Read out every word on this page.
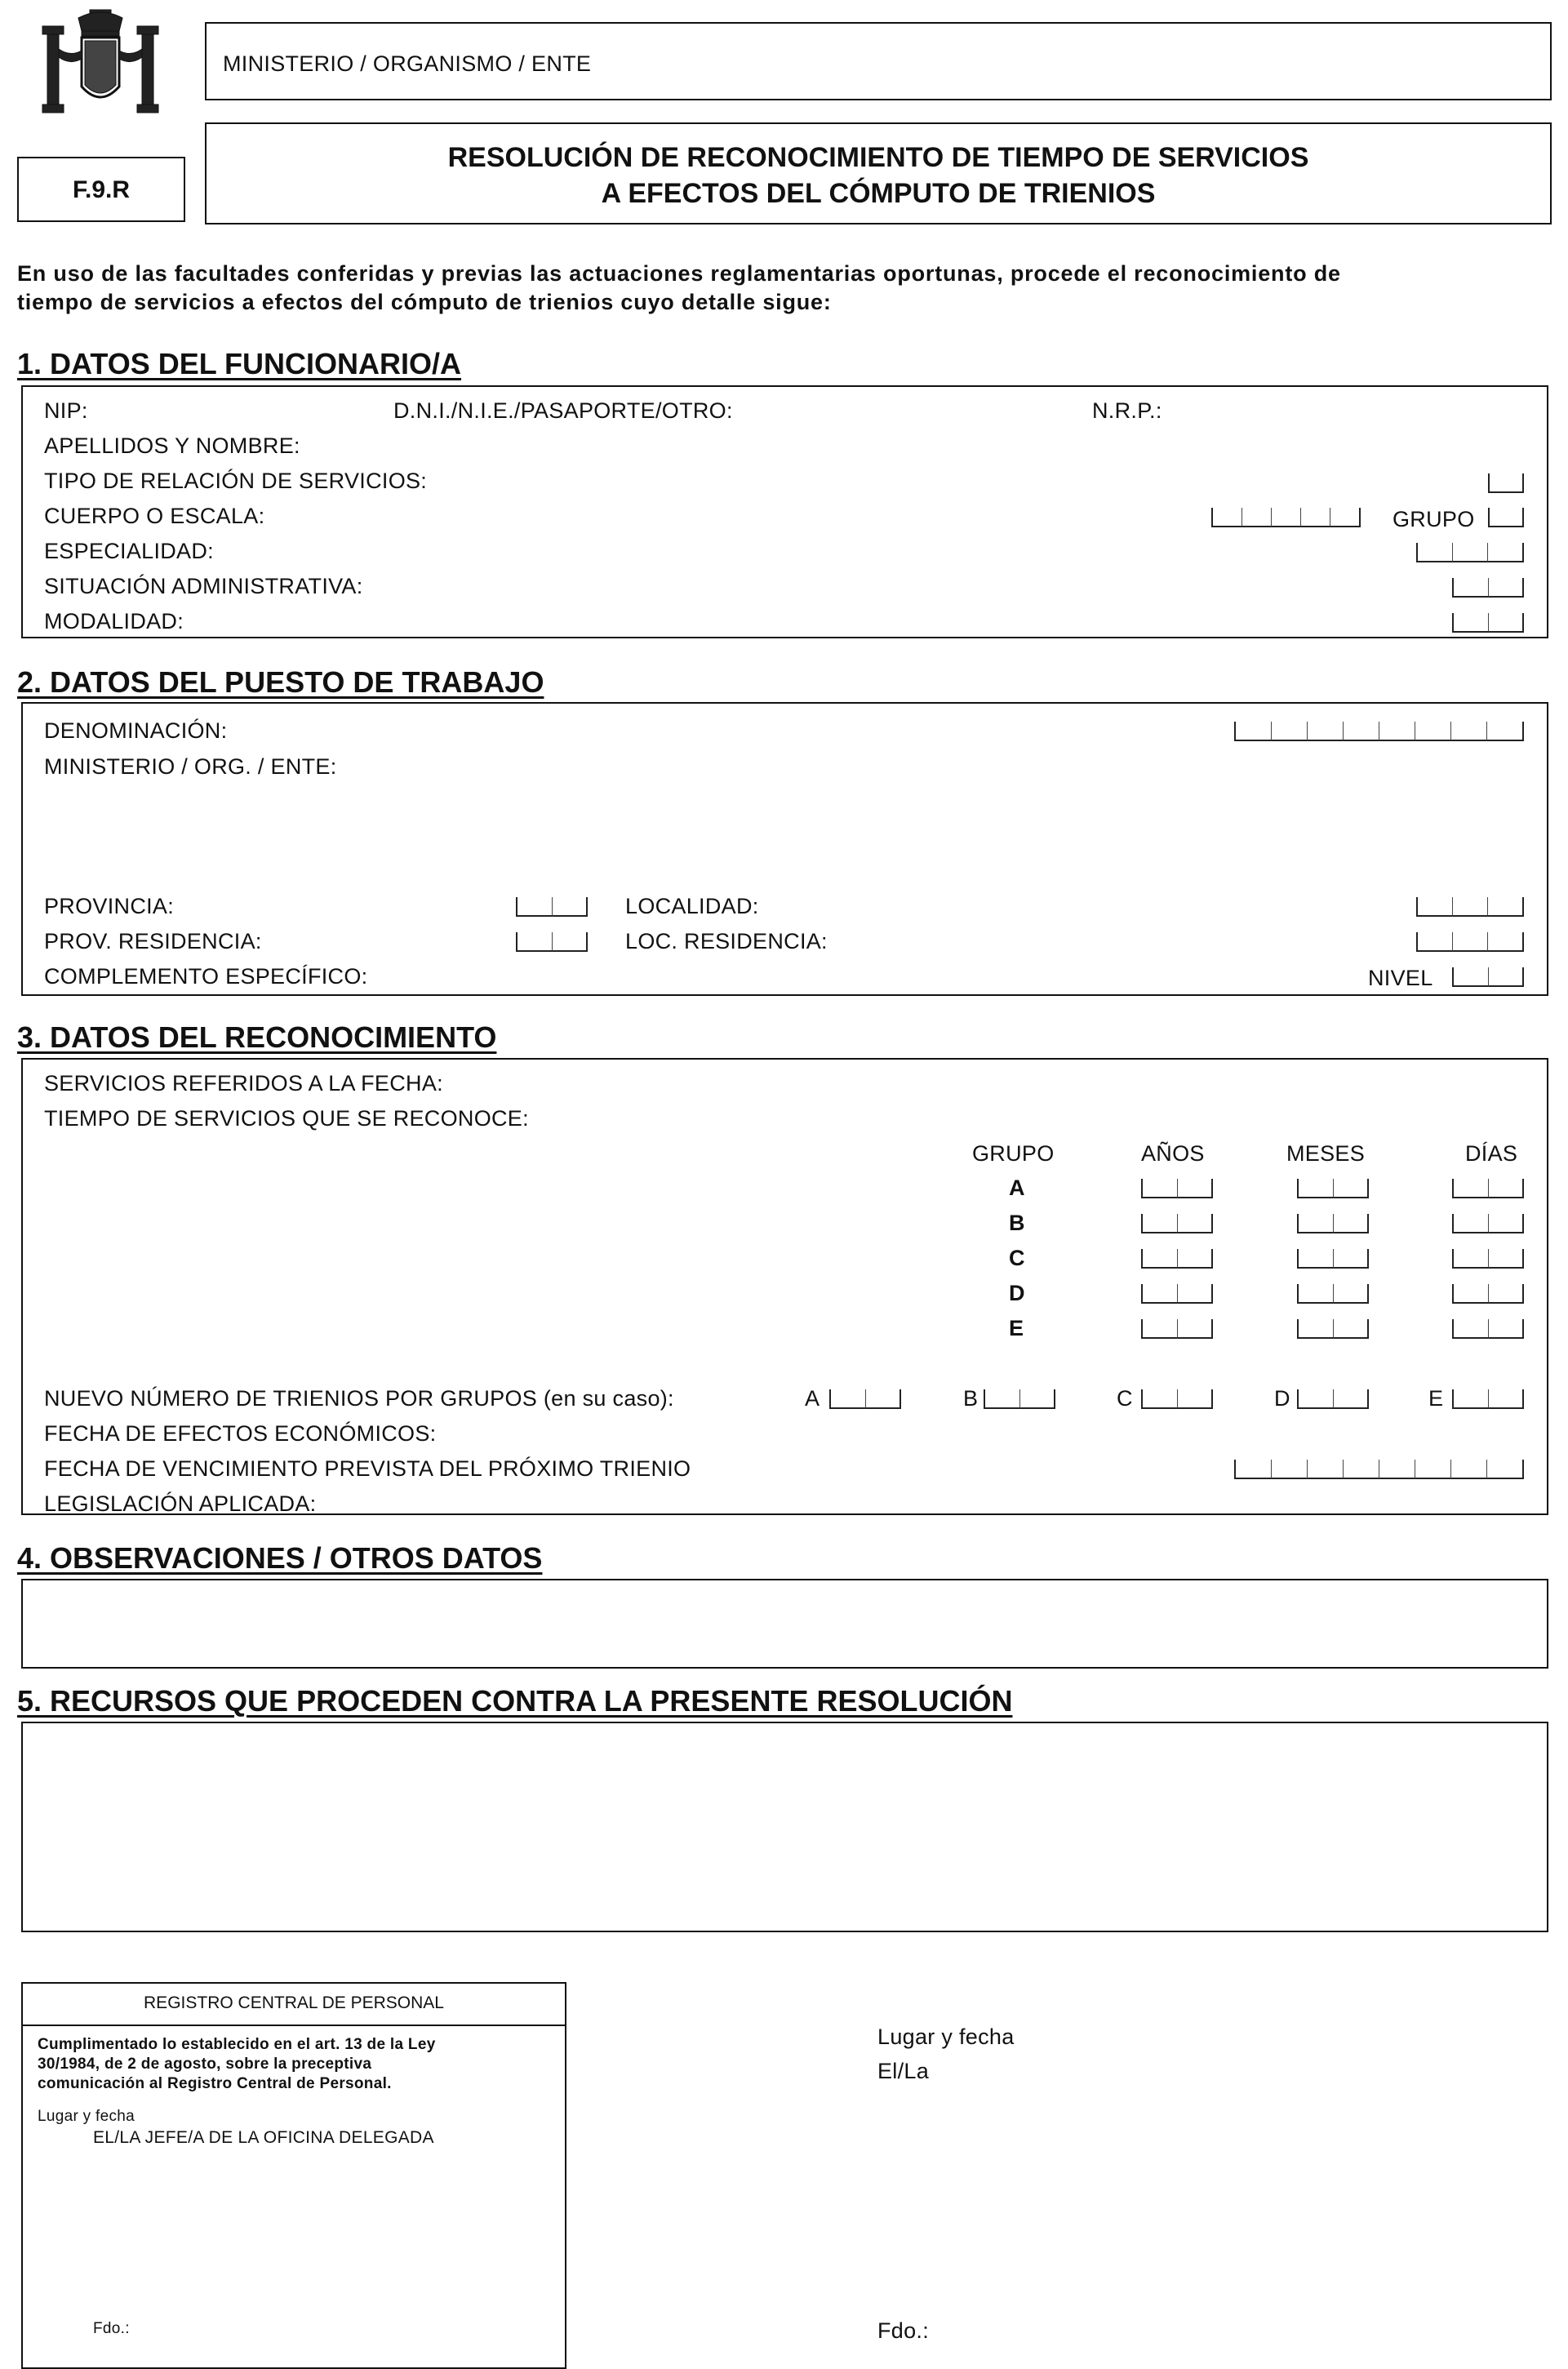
MINISTERIO / ORGANISMO / ENTE
F.9.R
RESOLUCIÓN DE RECONOCIMIENTO DE TIEMPO DE SERVICIOS
A EFECTOS DEL CÓMPUTO DE TRIENIOS
En uso de las facultades conferidas y previas las actuaciones reglamentarias oportunas, procede el reconocimiento de
tiempo de servicios a efectos del cómputo de trienios cuyo detalle sigue:
1. DATOS DEL FUNCIONARIO/A
NIP:	D.N.I./N.I.E./PASAPORTE/OTRO:	N.R.P.:
APELLIDOS Y NOMBRE:
TIPO DE RELACIÓN DE SERVICIOS:
CUERPO O ESCALA:	GRUPO
ESPECIALIDAD:
SITUACIÓN ADMINISTRATIVA:
MODALIDAD:
2. DATOS DEL PUESTO DE TRABAJO
DENOMINACIÓN:
MINISTERIO / ORG. / ENTE:
PROVINCIA:	LOCALIDAD:
PROV. RESIDENCIA:	LOC. RESIDENCIA:
COMPLEMENTO ESPECÍFICO:	NIVEL
3. DATOS DEL RECONOCIMIENTO
SERVICIOS REFERIDOS A LA FECHA:
TIEMPO DE SERVICIOS QUE SE RECONOCE:
GRUPO	AÑOS	MESES	DÍAS
A
B
C
D
E
NUEVO NÚMERO DE TRIENIOS POR GRUPOS (en su caso):	A	B	C	D	E
FECHA DE EFECTOS ECONÓMICOS:
FECHA DE VENCIMIENTO PREVISTA DEL PRÓXIMO TRIENIO
LEGISLACIÓN APLICADA:
4. OBSERVACIONES / OTROS DATOS
5. RECURSOS QUE PROCEDEN CONTRA LA PRESENTE RESOLUCIÓN
REGISTRO CENTRAL DE PERSONAL
Cumplimentado lo establecido en el art. 13 de la Ley
30/1984, de 2 de agosto, sobre la preceptiva
comunicación al Registro Central de Personal.
Lugar y fecha
EL/LA JEFE/A DE LA OFICINA DELEGADA
Fdo.:
Lugar y fecha
El/La
Fdo.:
